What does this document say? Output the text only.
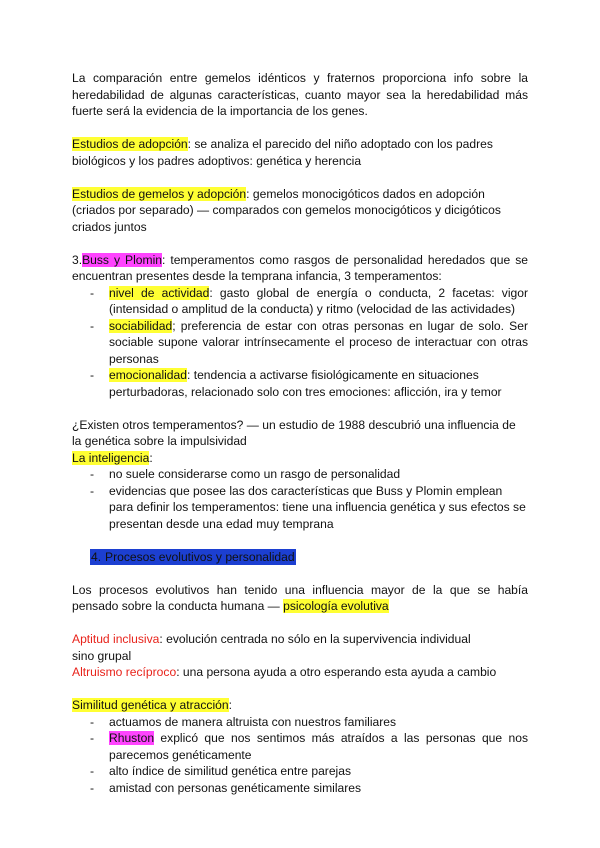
La comparación entre gemelos idénticos y fraternos proporciona info sobre la heredabilidad de algunas características, cuanto mayor sea la heredabilidad más fuerte será la evidencia de la importancia de los genes.

Estudios de adopción: se analiza el parecido del niño adoptado con los padres biológicos y los padres adoptivos: genética y herencia

Estudios de gemelos y adopción: gemelos monocigóticos dados en adopción (criados por separado) — comparados con gemelos monocigóticos y dicigóticos criados juntos

3.Buss y Plomin: temperamentos como rasgos de personalidad heredados que se encuentran presentes desde la temprana infancia, 3 temperamentos:

- nivel de actividad: gasto global de energía o conducta, 2 facetas: vigor (intensidad o amplitud de la conducta) y ritmo (velocidad de las actividades)
- sociabilidad; preferencia de estar con otras personas en lugar de solo. Ser sociable supone valorar intrínsecamente el proceso de interactuar con otras personas
- emocionalidad: tendencia a activarse fisiológicamente en situaciones perturbadoras, relacionado solo con tres emociones: aflicción, ira y temor

¿Existen otros temperamentos? — un estudio de 1988 descubrió una influencia de la genética sobre la impulsividad

La inteligencia:

- no suele considerarse como un rasgo de personalidad
- evidencias que posee las dos características que Buss y Plomin emplean para definir los temperamentos: tiene una influencia genética y sus efectos se presentan desde una edad muy temprana

4. Procesos evolutivos y personalidad

Los procesos evolutivos han tenido una influencia mayor de la que se había pensado sobre la conducta humana — psicología evolutiva

Aptitud inclusiva: evolución centrada no sólo en la supervivencia individual

sino grupal

Altruismo recíproco: una persona ayuda a otro esperando esta ayuda a cambio

Similitud genética y atracción:

- actuamos de manera altruista con nuestros familiares
- Rhuston explicó que nos sentimos más atraídos a las personas que nos parecemos genéticamente
- alto índice de similitud genética entre parejas
- amistad con personas genéticamente similares
